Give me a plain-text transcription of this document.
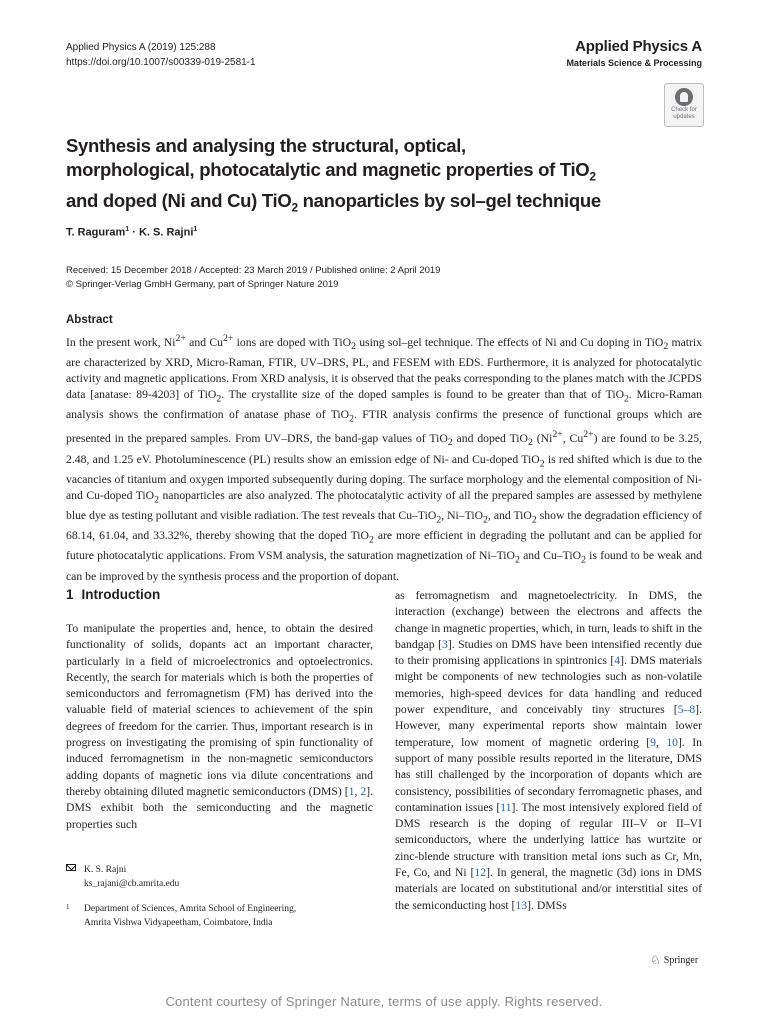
Applied Physics A (2019) 125:288
https://doi.org/10.1007/s00339-019-2581-1
Applied Physics A
Materials Science & Processing
Check for
updates
Synthesis and analysing the structural, optical,
morphological, photocatalytic and magnetic properties of TiO$_2$
and doped (Ni and Cu) TiO$_2$ nanoparticles by sol–gel technique
T. Raguram$^1$ · K. S. Rajni$^1$
Received: 15 December 2018 / Accepted: 23 March 2019 / Published online: 2 April 2019
© Springer-Verlag GmbH Germany, part of Springer Nature 2019
Abstract
In the present work, $Ni^{2+}$ and $Cu^{2+}$ ions are doped with TiO$_2$ using sol–gel technique. The effects of Ni and Cu doping in TiO$_2$ matrix are characterized by XRD, Micro-Raman, FTIR, UV–DRS, PL, and FESEM with EDS. Furthermore, it is analyzed for photocatalytic activity and magnetic applications. From XRD analysis, it is observed that the peaks corresponding to the planes match with the JCPDS data [anatase: 89-4203] of TiO$_2$. The crystallite size of the doped samples is found to be greater than that of TiO$_2$. Micro-Raman analysis shows the confirmation of anatase phase of TiO$_2$. FTIR analysis confirms the presence of functional groups which are presented in the prepared samples. From UV–DRS, the band-gap values of TiO$_2$ and doped TiO$_2$ ($Ni^{2+}$, $Cu^{2+}$) are found to be 3.25, 2.48, and 1.25 eV. Photoluminescence (PL) results show an emission edge of Ni- and Cu-doped TiO$_2$ is red shifted which is due to the vacancies of titanium and oxygen imported subsequently during doping. The surface morphology and the elemental composition of Ni- and Cu-doped TiO$_2$ nanoparticles are also analyzed. The photocatalytic activity of all the prepared samples are assessed by methylene blue dye as testing pollutant and visible radiation. The test reveals that Cu–TiO$_2$, Ni–TiO$_2$, and TiO$_2$ show the degradation efficiency of 68.14, 61.04, and 33.32%, thereby showing that the doped TiO$_2$ are more efficient in degrading the pollutant and can be applied for future photocatalytic applications. From VSM analysis, the saturation magnetization of Ni–TiO$_2$ and Cu–TiO$_2$ is found to be weak and can be improved by the synthesis process and the proportion of dopant.
1 Introduction
To manipulate the properties and, hence, to obtain the desired functionality of solids, dopants act an important character, particularly in a field of microelectronics and optoelectronics. Recently, the search for materials which is both the properties of semiconductors and ferromagnetism (FM) has derived into the valuable field of material sciences to achievement of the spin degrees of freedom for the carrier. Thus, important research is in progress on investigating the promising of spin functionality of induced ferromagnetism in the non-magnetic semiconductors adding dopants of magnetic ions via dilute concentrations and thereby obtaining diluted magnetic semiconductors (DMS) [1, 2]. DMS exhibit both the semiconducting and the magnetic properties such
as ferromagnetism and magnetoelectricity. In DMS, the interaction (exchange) between the electrons and affects the change in magnetic properties, which, in turn, leads to shift in the bandgap [3]. Studies on DMS have been intensified recently due to their promising applications in spintronics [4]. DMS materials might be components of new technologies such as non-volatile memories, high-speed devices for data handling and reduced power expenditure, and conceivably tiny structures [5–8]. However, many experimental reports show maintain lower temperature, low moment of magnetic ordering [9, 10]. In support of many possible results reported in the literature, DMS has still challenged by the incorporation of dopants which are consistency, possibilities of secondary ferromagnetic phases, and contamination issues [11]. The most intensively explored field of DMS research is the doping of regular III–V or II–VI semiconductors, where the underlying lattice has wurtzite or zinc-blende structure with transition metal ions such as Cr, Mn, Fe, Co, and Ni [12]. In general, the magnetic (3d) ions in DMS materials are located on substitutional and/or interstitial sites of the semiconducting host [13]. DMSs
K. S. Rajni
ks_rajani@cb.amrita.edu
1 Department of Sciences, Amrita School of Engineering,
Amrita Vishwa Vidyapeetham, Coimbatore, India
♘ Springer
Content courtesy of Springer Nature, terms of use apply. Rights reserved.
